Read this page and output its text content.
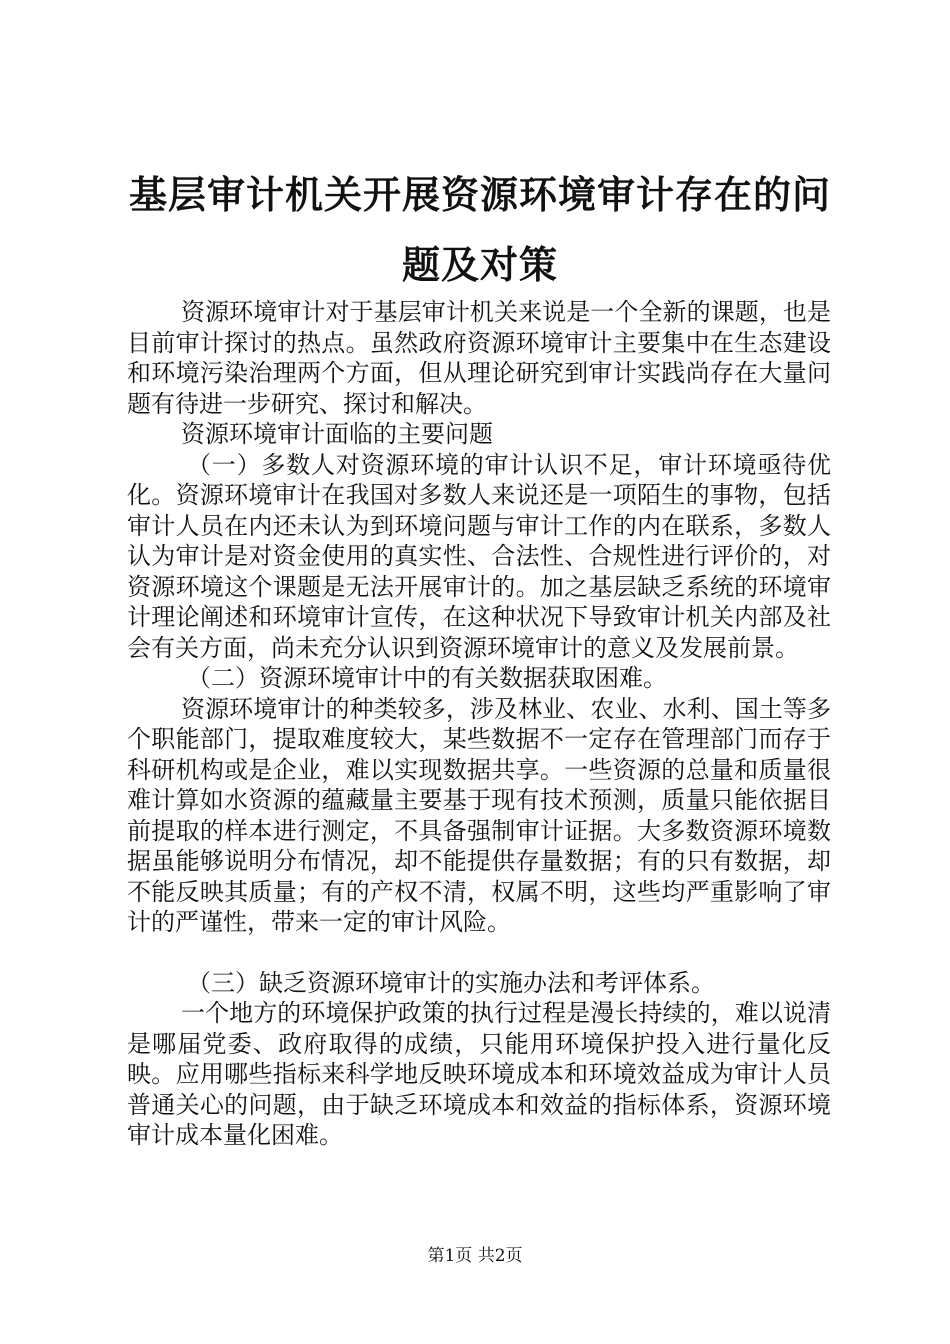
基层审计机关开展资源环境审计存在的问题及对策

资源环境审计对于基层审计机关来说是一个全新的课题，也是目前审计探讨的热点。虽然政府资源环境审计主要集中在生态建设和环境污染治理两个方面，但从理论研究到审计实践尚存在大量问题有待进一步研究、探讨和解决。

资源环境审计面临的主要问题

（一）多数人对资源环境的审计认识不足，审计环境亟待优化。资源环境审计在我国对多数人来说还是一项陌生的事物，包括审计人员在内还未认为到环境问题与审计工作的内在联系，多数人认为审计是对资金使用的真实性、合法性、合规性进行评价的，对资源环境这个课题是无法开展审计的。加之基层缺乏系统的环境审计理论阐述和环境审计宣传，在这种状况下导致审计机关内部及社会有关方面，尚未充分认识到资源环境审计的意义及发展前景。

（二）资源环境审计中的有关数据获取困难。

资源环境审计的种类较多，涉及林业、农业、水利、国土等多个职能部门，提取难度较大，某些数据不一定存在管理部门而存于科研机构或是企业，难以实现数据共享。一些资源的总量和质量很难计算如水资源的蕴藏量主要基于现有技术预测，质量只能依据目前提取的样本进行测定，不具备强制审计证据。大多数资源环境数据虽能够说明分布情况，却不能提供存量数据；有的只有数据，却不能反映其质量；有的产权不清，权属不明，这些均严重影响了审计的严谨性，带来一定的审计风险。

（三）缺乏资源环境审计的实施办法和考评体系。

一个地方的环境保护政策的执行过程是漫长持续的，难以说清是哪届党委、政府取得的成绩，只能用环境保护投入进行量化反映。应用哪些指标来科学地反映环境成本和环境效益成为审计人员普通关心的问题，由于缺乏环境成本和效益的指标体系，资源环境审计成本量化困难。

第1页 共2页
